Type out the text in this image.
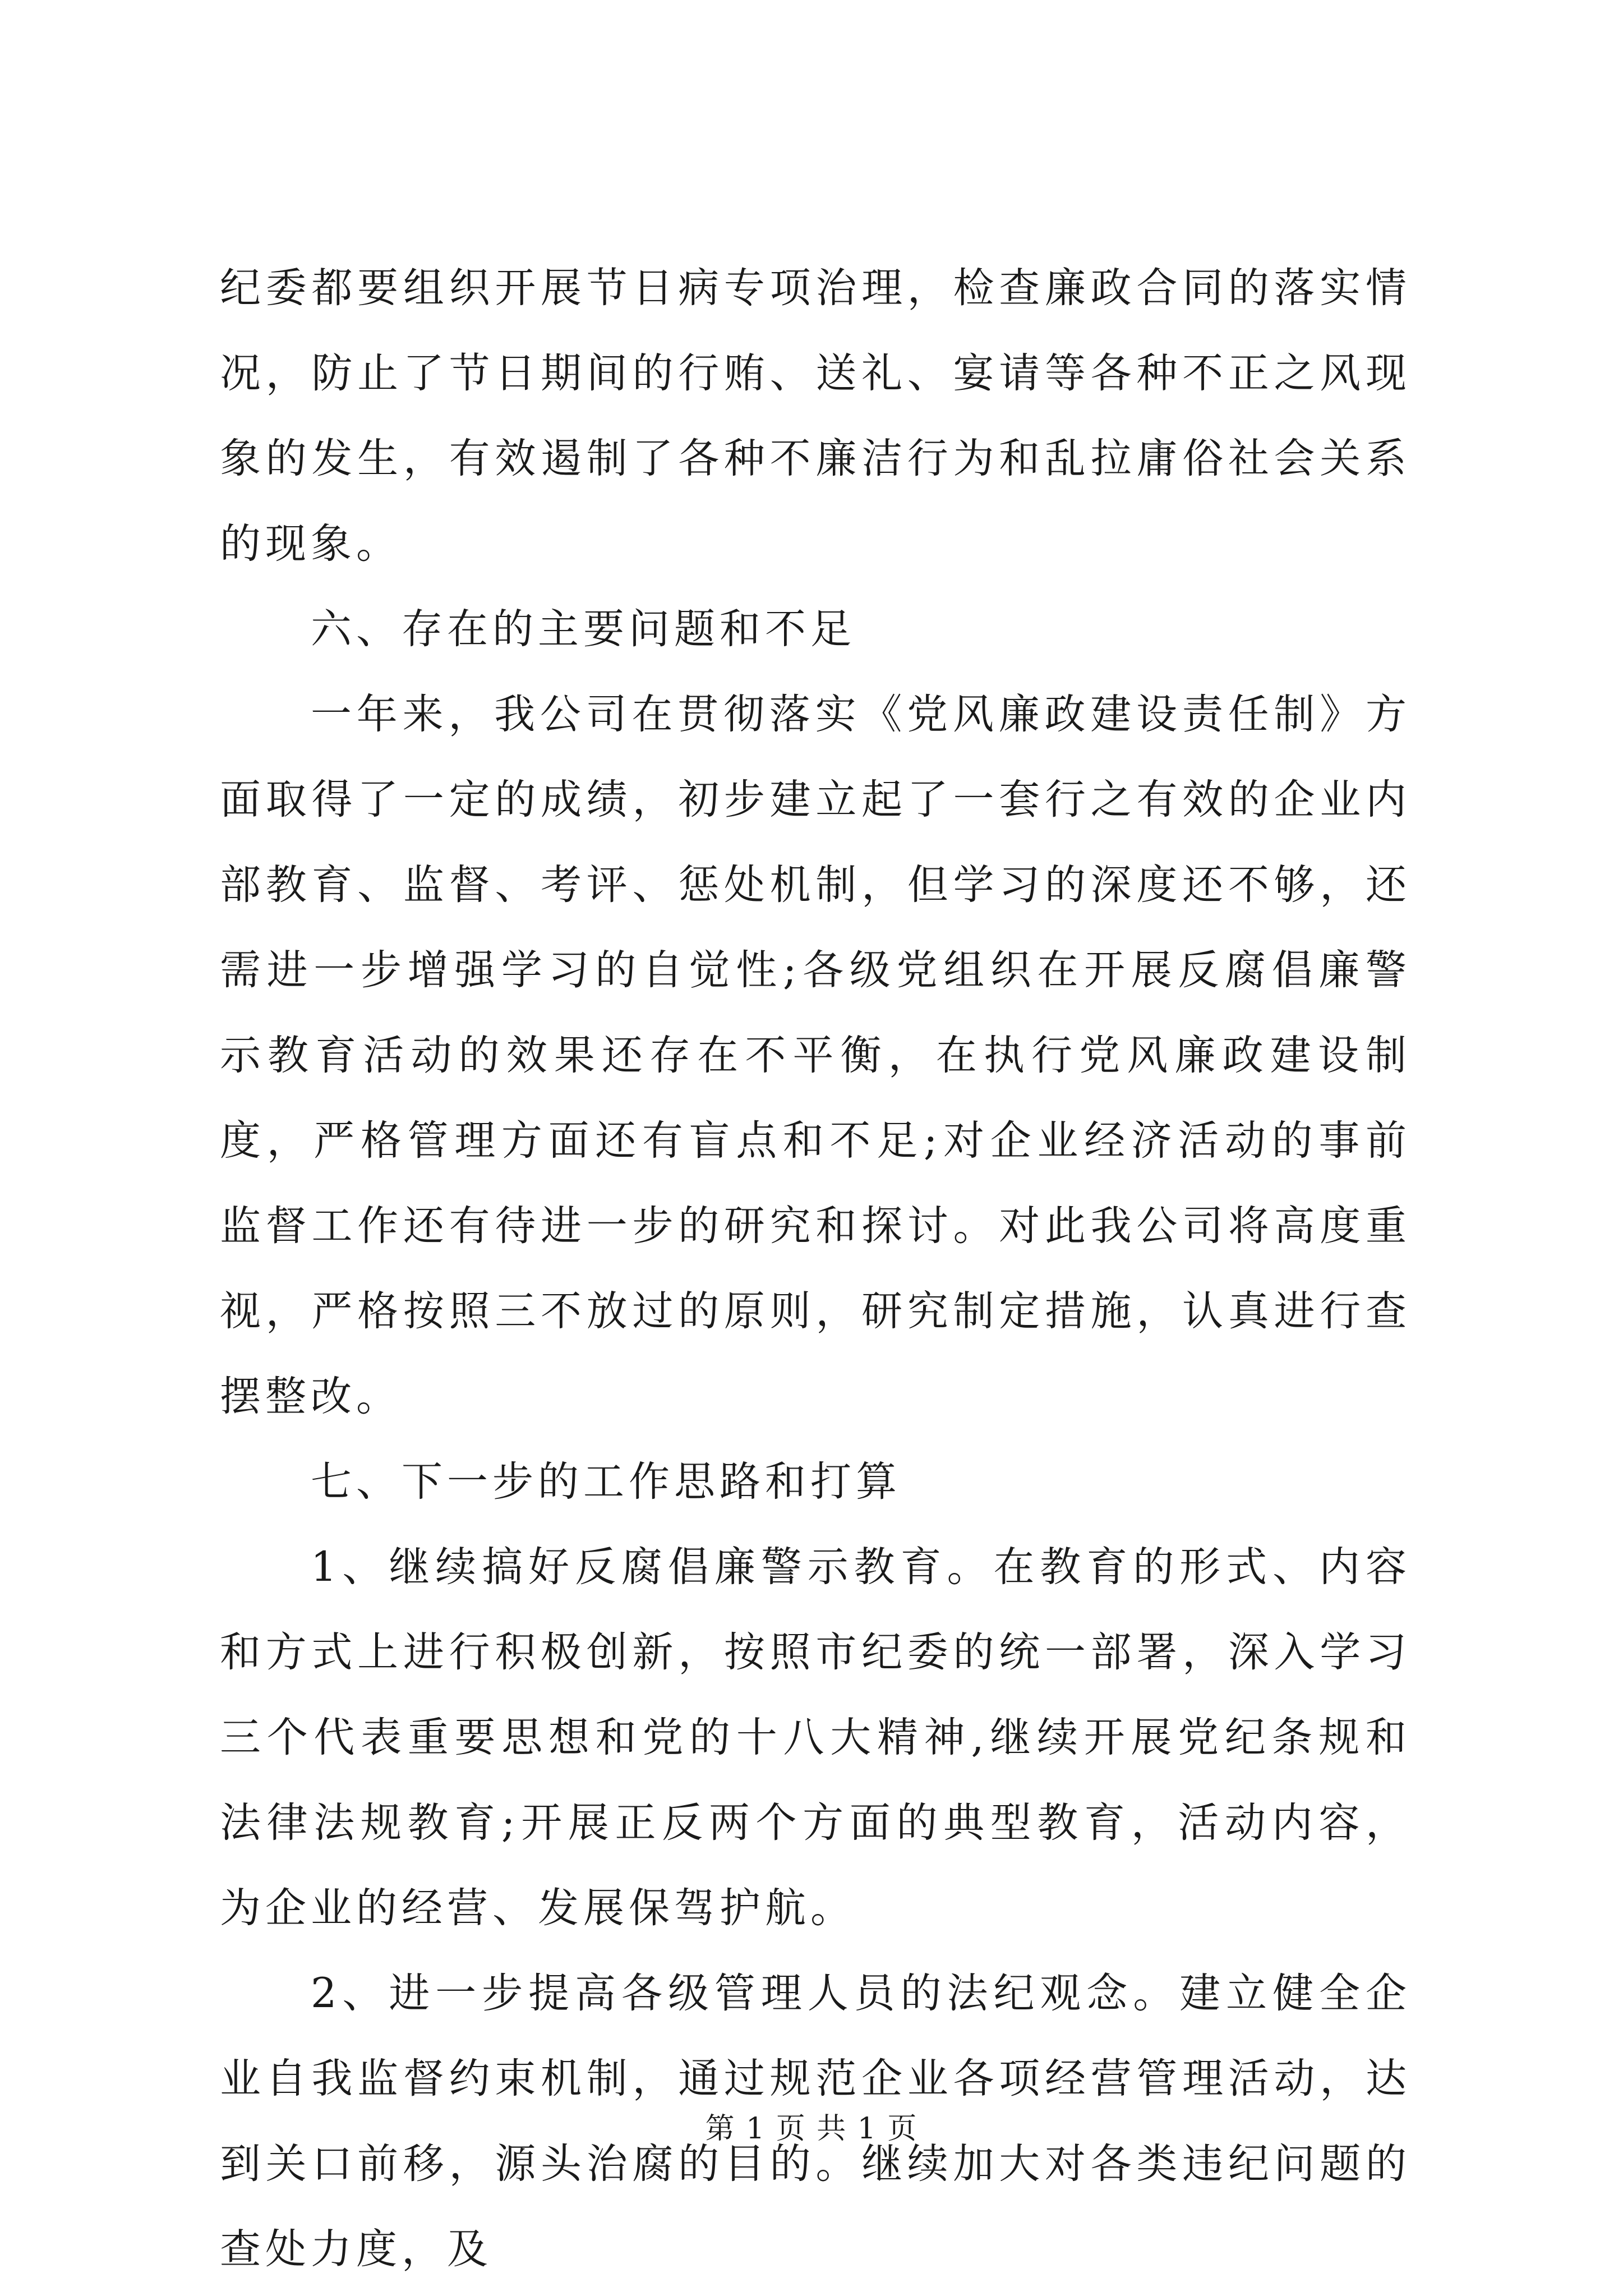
纪委都要组织开展节日病专项治理，检查廉政合同的落实情况，防止了节日期间的行贿、送礼、宴请等各种不正之风现象的发生，有效遏制了各种不廉洁行为和乱拉庸俗社会关系的现象。

六、存在的主要问题和不足

一年来，我公司在贯彻落实《党风廉政建设责任制》方面取得了一定的成绩，初步建立起了一套行之有效的企业内部教育、监督、考评、惩处机制，但学习的深度还不够，还需进一步增强学习的自觉性;各级党组织在开展反腐倡廉警示教育活动的效果还存在不平衡，在执行党风廉政建设制度，严格管理方面还有盲点和不足;对企业经济活动的事前监督工作还有待进一步的研究和探讨。对此我公司将高度重视，严格按照三不放过的原则，研究制定措施，认真进行查摆整改。

七、下一步的工作思路和打算

1、继续搞好反腐倡廉警示教育。在教育的形式、内容和方式上进行积极创新，按照市纪委的统一部署，深入学习三个代表重要思想和党的十八大精神,继续开展党纪条规和法律法规教育;开展正反两个方面的典型教育，活动内容，为企业的经营、发展保驾护航。

2、进一步提高各级管理人员的法纪观念。建立健全企业自我监督约束机制，通过规范企业各项经营管理活动，达到关口前移，源头治腐的目的。继续加大对各类违纪问题的查处力度，及

第 1 页 共 1 页
